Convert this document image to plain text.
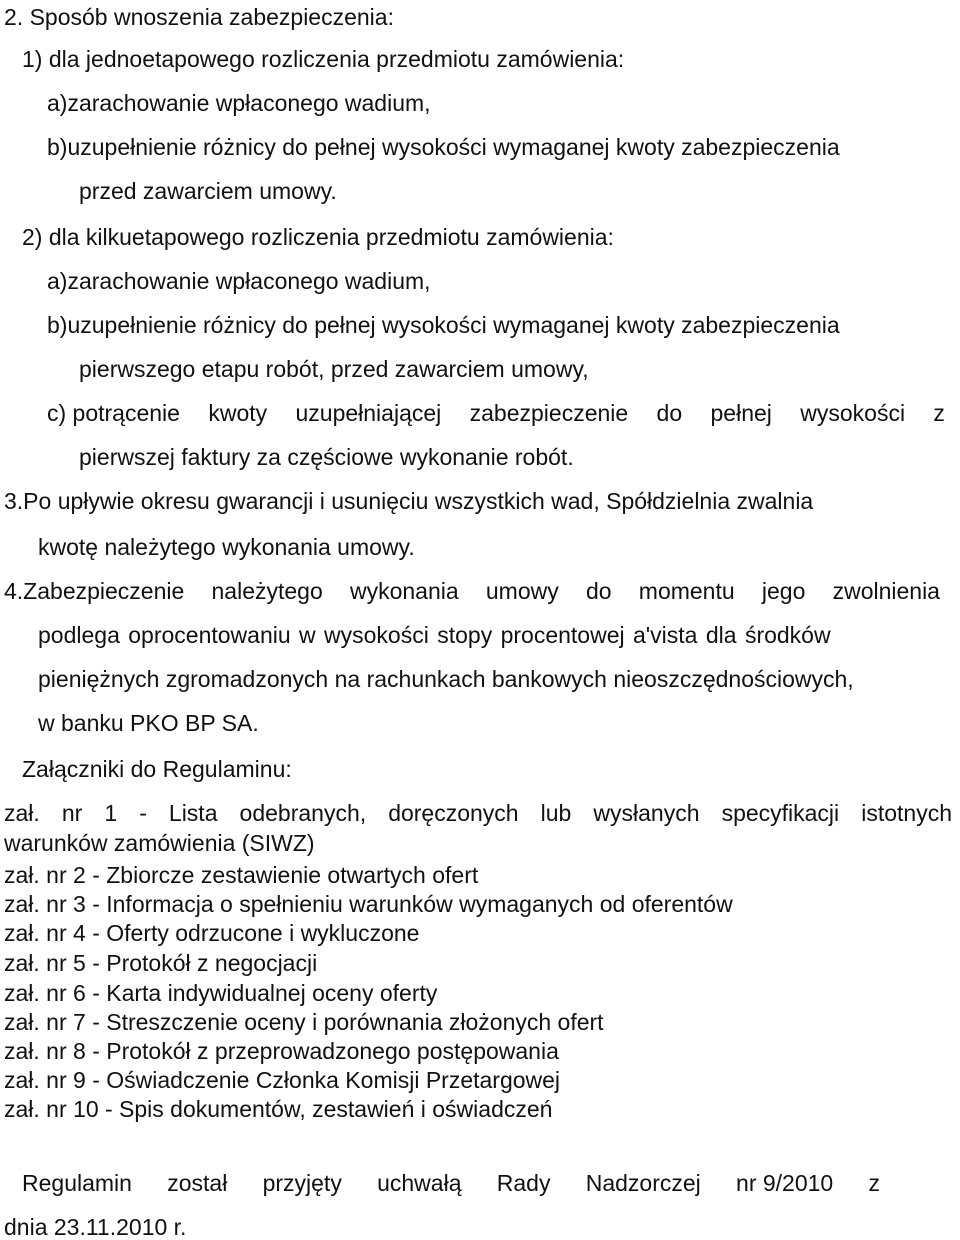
2. Sposób wnoszenia zabezpieczenia:
1) dla jednoetapowego rozliczenia przedmiotu zamówienia:
a)zarachowanie wpłaconego wadium,
b)uzupełnienie różnicy do pełnej wysokości wymaganej kwoty zabezpieczenia
przed zawarciem umowy.
2) dla kilkuetapowego rozliczenia przedmiotu zamówienia:
a)zarachowanie wpłaconego wadium,
b)uzupełnienie różnicy do pełnej wysokości wymaganej kwoty zabezpieczenia
pierwszego etapu robót, przed zawarciem umowy,
c) potrącenie kwoty uzupełniającej zabezpieczenie do pełnej wysokości z
pierwszej faktury za częściowe wykonanie robót.
3.Po upływie okresu gwarancji i usunięciu wszystkich wad, Spółdzielnia zwalnia
kwotę należytego wykonania umowy.
4.Zabezpieczenie należytego wykonania umowy do momentu jego zwolnienia
podlega oprocentowaniu w wysokości stopy procentowej a'vista dla środków
pieniężnych zgromadzonych na rachunkach bankowych nieoszczędnościowych,
w banku PKO BP SA.
Załączniki do Regulaminu:
zał. nr 1 - Lista odebranych, doręczonych lub wysłanych specyfikacji istotnych
warunków zamówienia (SIWZ)
zał. nr 2 - Zbiorcze zestawienie otwartych ofert
zał. nr 3 - Informacja o spełnieniu warunków wymaganych od oferentów
zał. nr 4 - Oferty odrzucone i wykluczone
zał. nr 5 - Protokół z negocjacji
zał. nr 6 - Karta indywidualnej oceny oferty
zał. nr 7 - Streszczenie oceny i porównania złożonych ofert
zał. nr 8 - Protokół z przeprowadzonego postępowania
zał. nr 9 - Oświadczenie Członka Komisji Przetargowej
zał. nr 10 - Spis dokumentów, zestawień i oświadczeń
Regulamin został przyjęty uchwałą Rady Nadzorczej nr 9/2010 z
dnia 23.11.2010 r.
